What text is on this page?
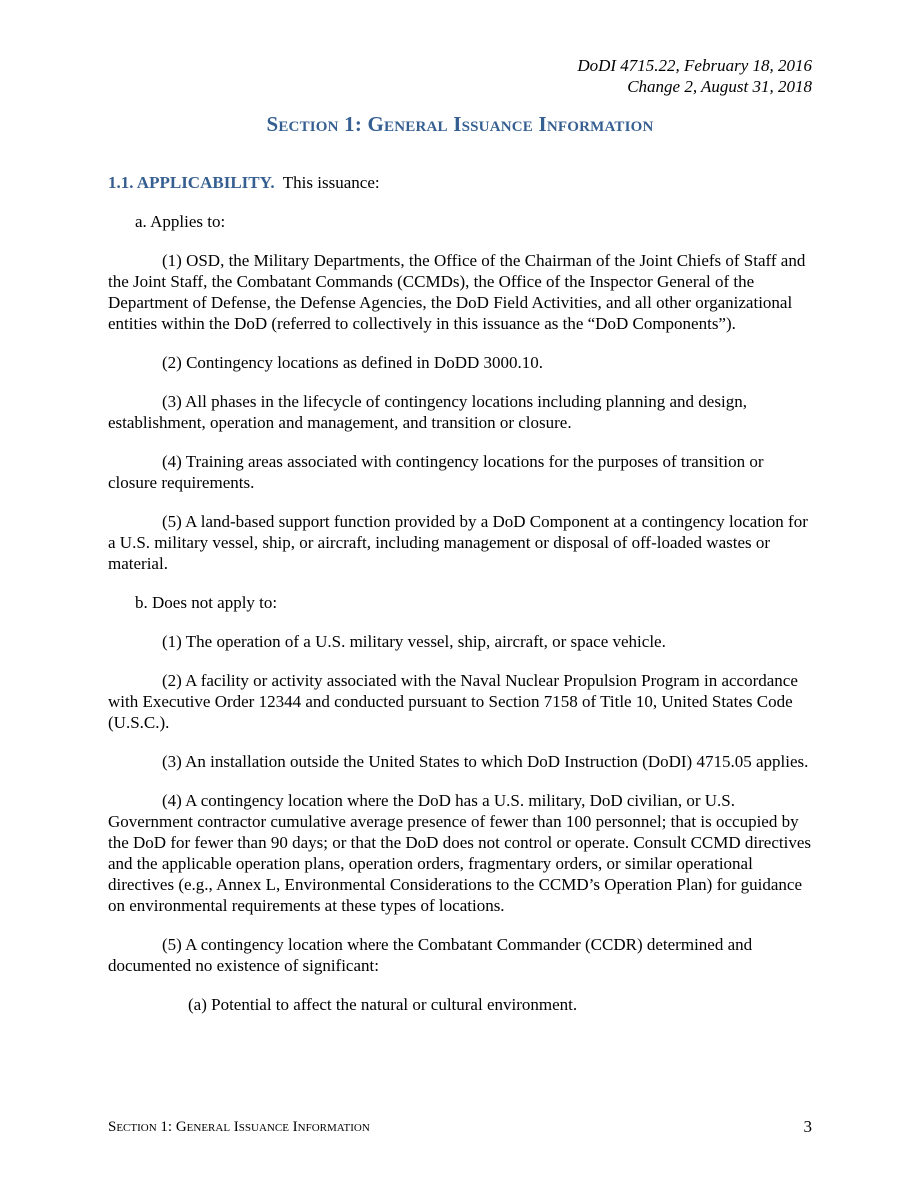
DoDI 4715.22, February 18, 2016
Change 2, August 31, 2018
Section 1: General Issuance Information

1.1. APPLICABILITY. This issuance:

a. Applies to:

(1) OSD, the Military Departments, the Office of the Chairman of the Joint Chiefs of Staff and the Joint Staff, the Combatant Commands (CCMDs), the Office of the Inspector General of the Department of Defense, the Defense Agencies, the DoD Field Activities, and all other organizational entities within the DoD (referred to collectively in this issuance as the “DoD Components”).

(2) Contingency locations as defined in DoDD 3000.10.

(3) All phases in the lifecycle of contingency locations including planning and design, establishment, operation and management, and transition or closure.

(4) Training areas associated with contingency locations for the purposes of transition or closure requirements.

(5) A land-based support function provided by a DoD Component at a contingency location for a U.S. military vessel, ship, or aircraft, including management or disposal of off-loaded wastes or material.

b. Does not apply to:

(1) The operation of a U.S. military vessel, ship, aircraft, or space vehicle.

(2) A facility or activity associated with the Naval Nuclear Propulsion Program in accordance with Executive Order 12344 and conducted pursuant to Section 7158 of Title 10, United States Code (U.S.C.).

(3) An installation outside the United States to which DoD Instruction (DoDI) 4715.05 applies.

(4) A contingency location where the DoD has a U.S. military, DoD civilian, or U.S. Government contractor cumulative average presence of fewer than 100 personnel; that is occupied by the DoD for fewer than 90 days; or that the DoD does not control or operate. Consult CCMD directives and the applicable operation plans, operation orders, fragmentary orders, or similar operational directives (e.g., Annex L, Environmental Considerations to the CCMD’s Operation Plan) for guidance on environmental requirements at these types of locations.

(5) A contingency location where the Combatant Commander (CCDR) determined and documented no existence of significant:

(a) Potential to affect the natural or cultural environment.

Section 1: General Issuance Information	3
